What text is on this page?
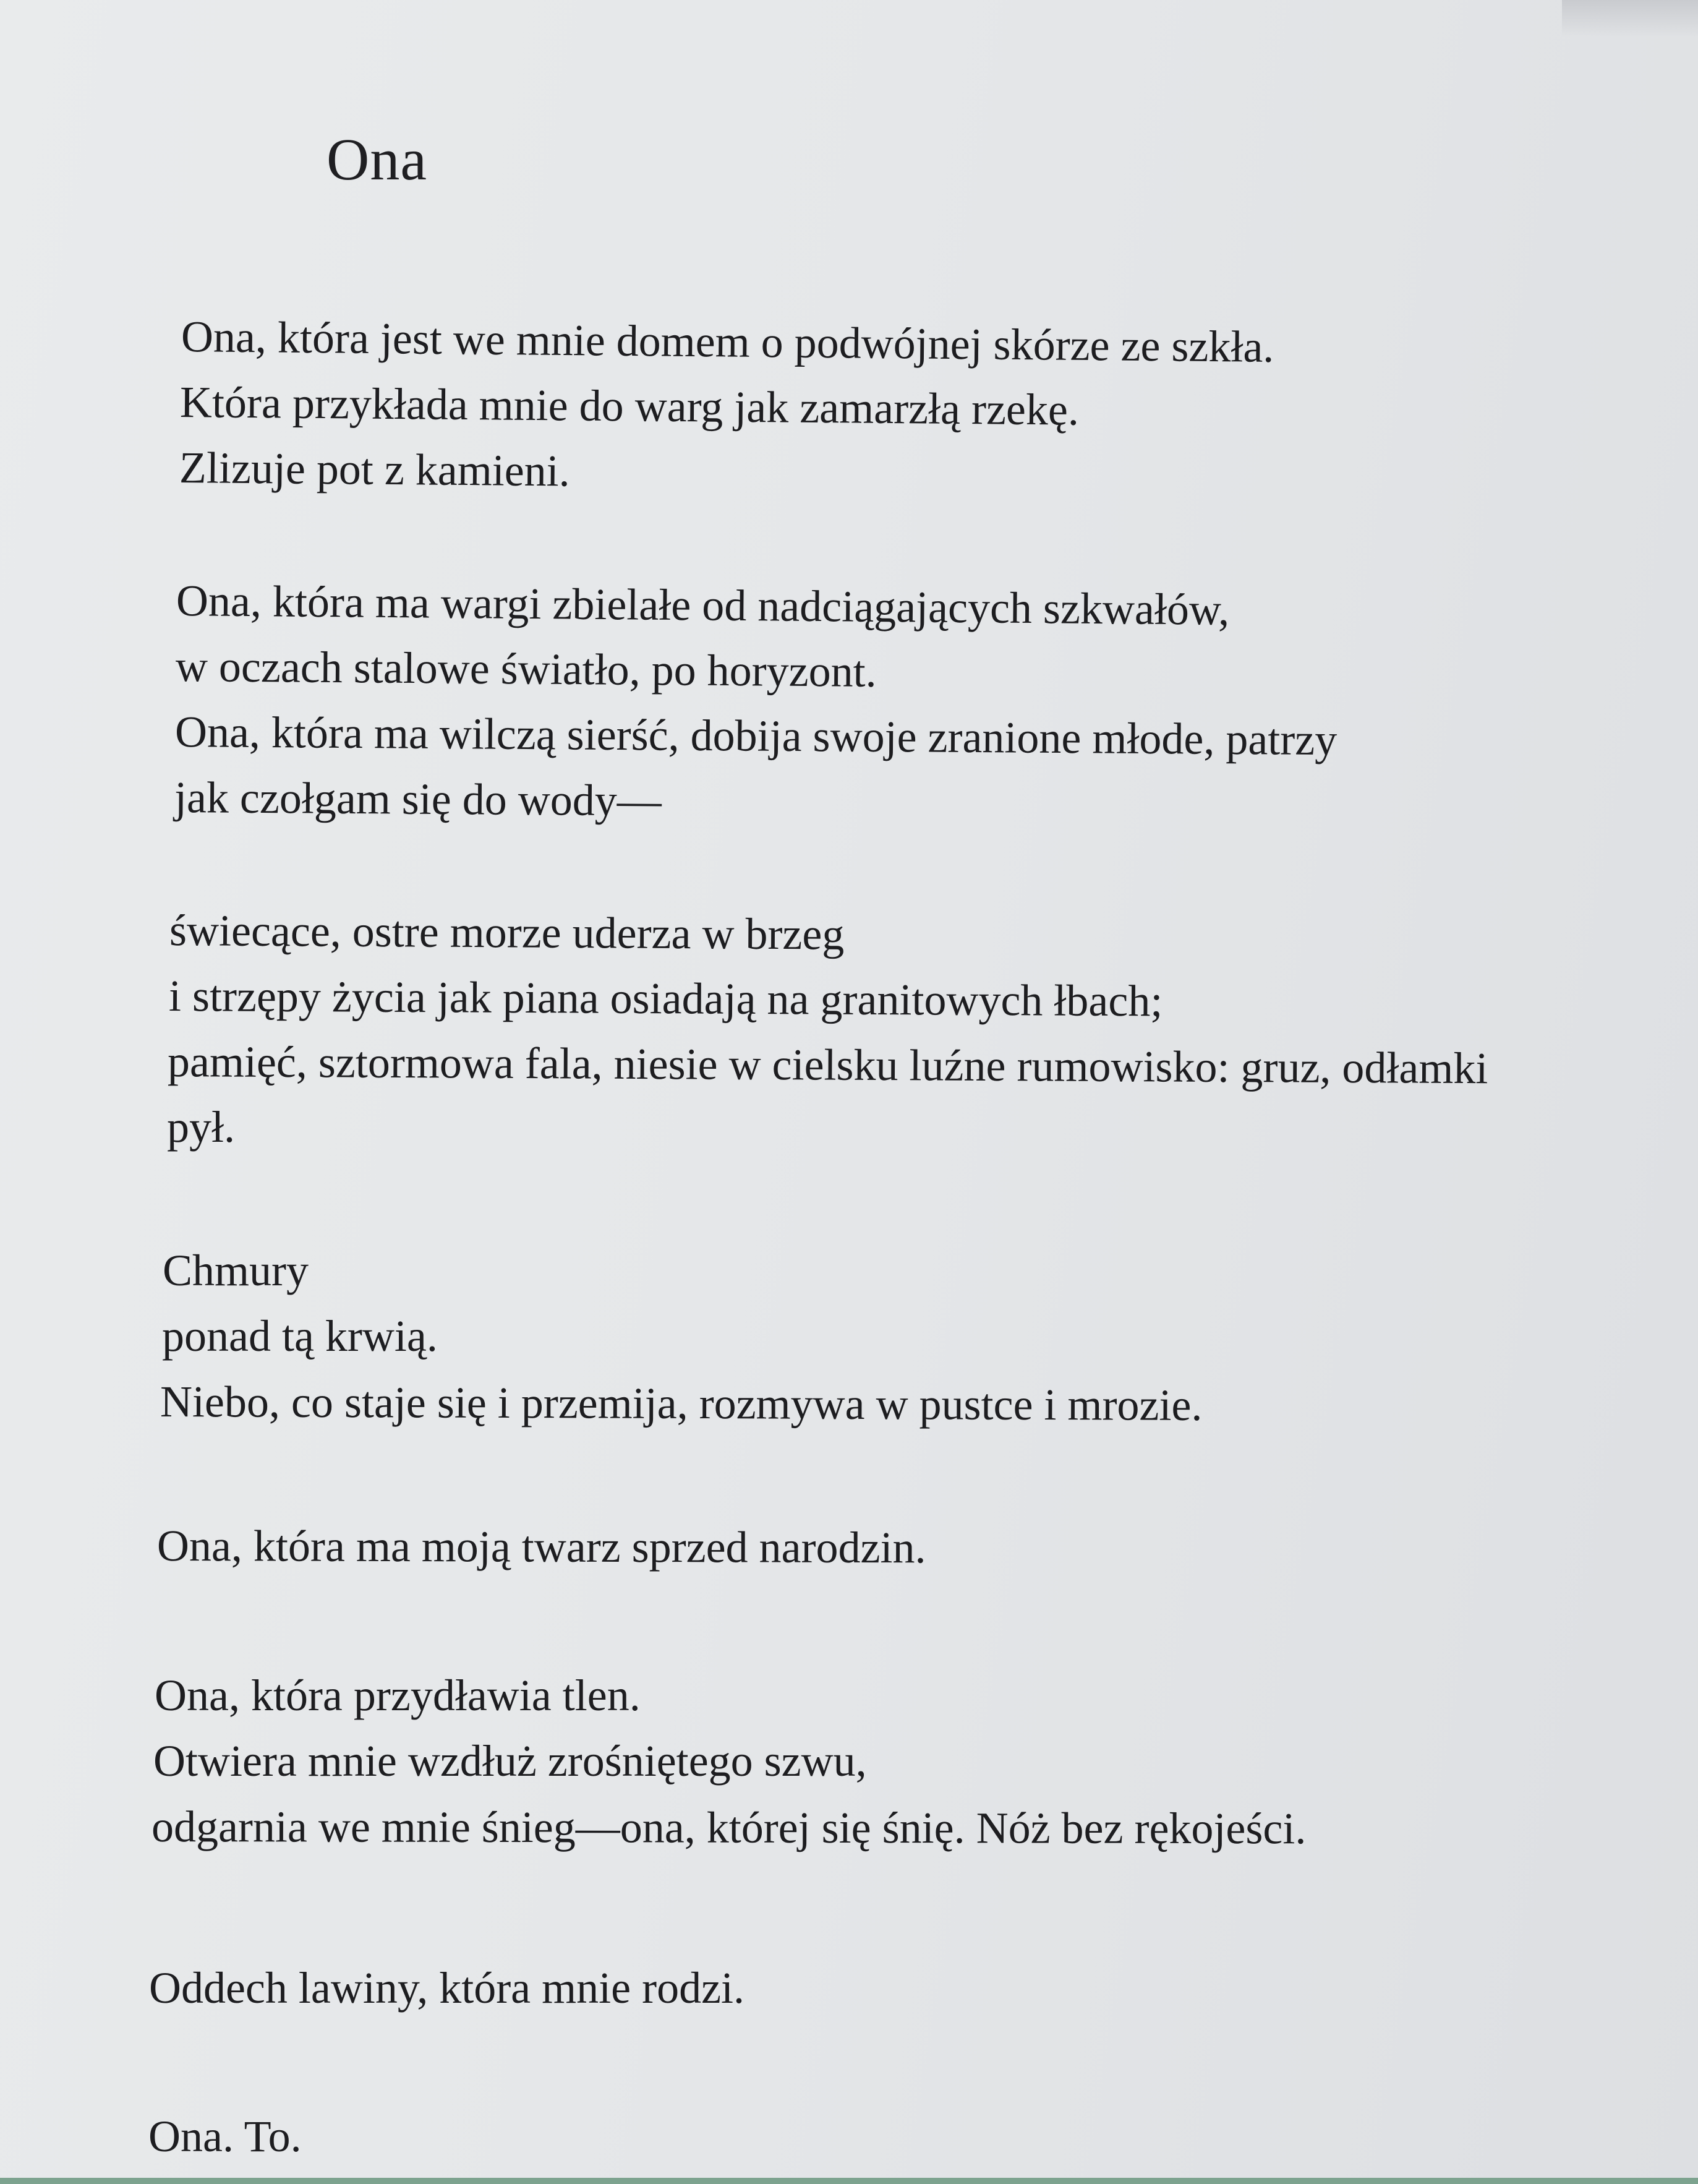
Ona

Ona, która jest we mnie domem o podwójnej skórze ze szkła.

Która przykłada mnie do warg jak zamarzłą rzekę.

Zlizuje pot z kamieni.

Ona, która ma wargi zbielałe od nadciągających szkwałów,

w oczach stalowe światło, po horyzont.

Ona, która ma wilczą sierść, dobija swoje zranione młode, patrzy

jak czołgam się do wody—

świecące, ostre morze uderza w brzeg

i strzępy życia jak piana osiadają na granitowych łbach;

pamięć, sztormowa fala, niesie w cielsku luźne rumowisko: gruz, odłamki

pył.

Chmury

ponad tą krwią.

Niebo, co staje się i przemija, rozmywa w pustce i mrozie.

Ona, która ma moją twarz sprzed narodzin.

Ona, która przydławia tlen.

Otwiera mnie wzdłuż zrośniętego szwu,

odgarnia we mnie śnieg—ona, której się śnię. Nóż bez rękojeści.

Oddech lawiny, która mnie rodzi.

Ona. To.
